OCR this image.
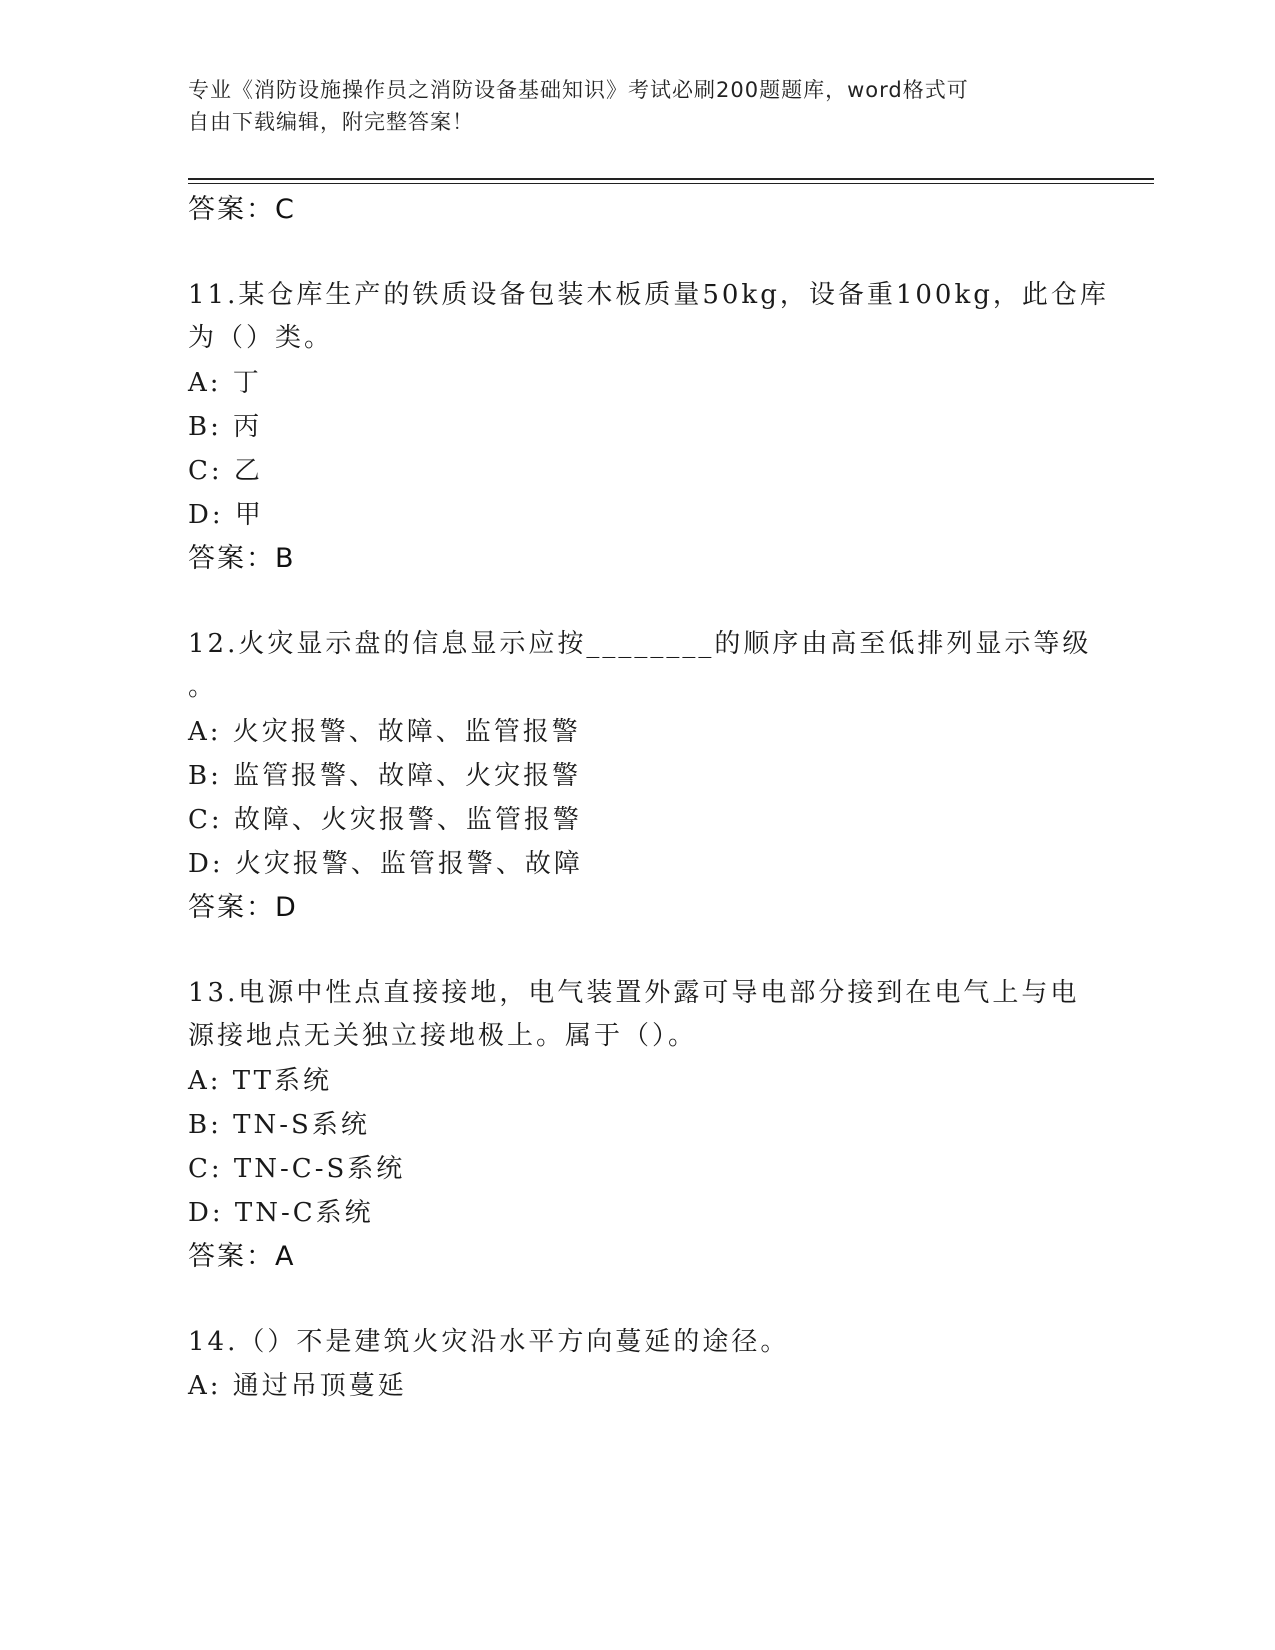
专业《消防设施操作员之消防设备基础知识》考试必刷200题题库，word格式可
自由下载编辑，附完整答案！
答案：C
11.某仓库生产的铁质设备包装木板质量50kg，设备重100kg，此仓库
为（）类。
A: 丁
B: 丙
C: 乙
D: 甲
答案：B
12.火灾显示盘的信息显示应按________的顺序由高至低排列显示等级
。
A: 火灾报警、故障、监管报警
B: 监管报警、故障、火灾报警
C: 故障、火灾报警、监管报警
D: 火灾报警、监管报警、故障
答案：D
13.电源中性点直接接地，电气装置外露可导电部分接到在电气上与电
源接地点无关独立接地极上。属于（）。
A: TT系统
B: TN-S系统
C: TN-C-S系统
D: TN-C系统
答案：A
14.（）不是建筑火灾沿水平方向蔓延的途径。
A: 通过吊顶蔓延
